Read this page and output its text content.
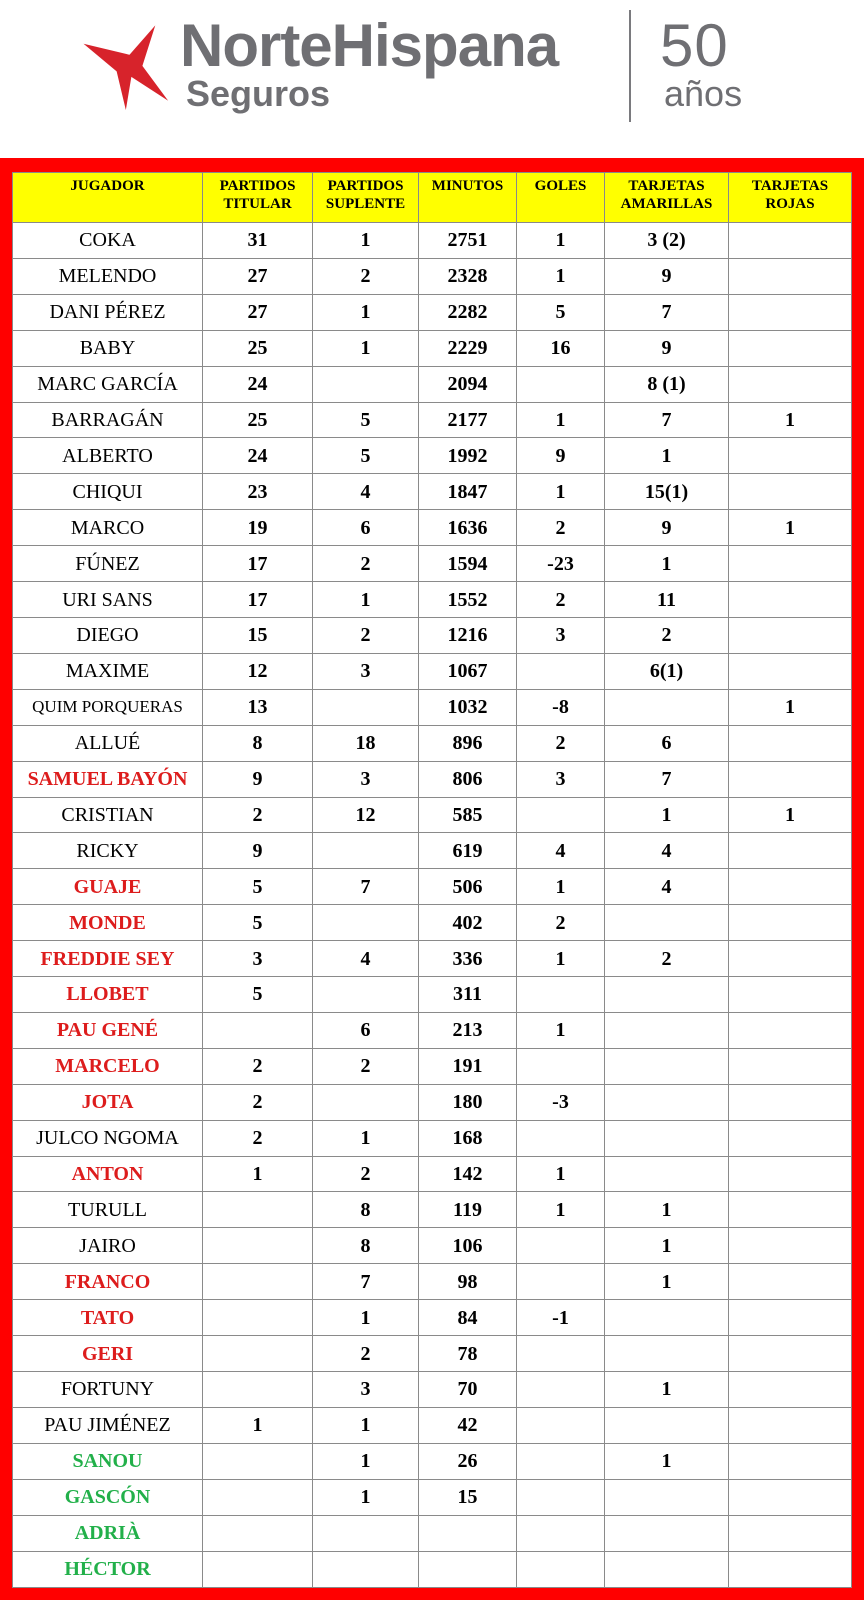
NorteHispana
Seguros
50
años
JUGADOR	PARTIDOS TITULAR	PARTIDOS SUPLENTE	MINUTOS	GOLES	TARJETAS AMARILLAS	TARJETAS ROJAS
COKA	31	1	2751	1	3 (2)	
MELENDO	27	2	2328	1	9	
DANI PÉREZ	27	1	2282	5	7	
BABY	25	1	2229	16	9	
MARC GARCÍA	24		2094		8 (1)	
BARRAGÁN	25	5	2177	1	7	1
ALBERTO	24	5	1992	9	1	
CHIQUI	23	4	1847	1	15(1)	
MARCO	19	6	1636	2	9	1
FÚNEZ	17	2	1594	-23	1	
URI SANS	17	1	1552	2	11	
DIEGO	15	2	1216	3	2	
MAXIME	12	3	1067		6(1)	
QUIM PORQUERAS	13		1032	-8		1
ALLUÉ	8	18	896	2	6	
SAMUEL BAYÓN	9	3	806	3	7	
CRISTIAN	2	12	585		1	1
RICKY	9		619	4	4	
GUAJE	5	7	506	1	4	
MONDE	5		402	2		
FREDDIE SEY	3	4	336	1	2	
LLOBET	5		311			
PAU GENÉ		6	213	1		
MARCELO	2	2	191			
JOTA	2		180	-3		
JULCO NGOMA	2	1	168			
ANTON	1	2	142	1		
TURULL		8	119	1	1	
JAIRO		8	106		1	
FRANCO		7	98		1	
TATO		1	84	-1		
GERI		2	78			
FORTUNY		3	70		1	
PAU JIMÉNEZ	1	1	42			
SANOU		1	26		1	
GASCÓN		1	15			
ADRIÀ						
HÉCTOR						
